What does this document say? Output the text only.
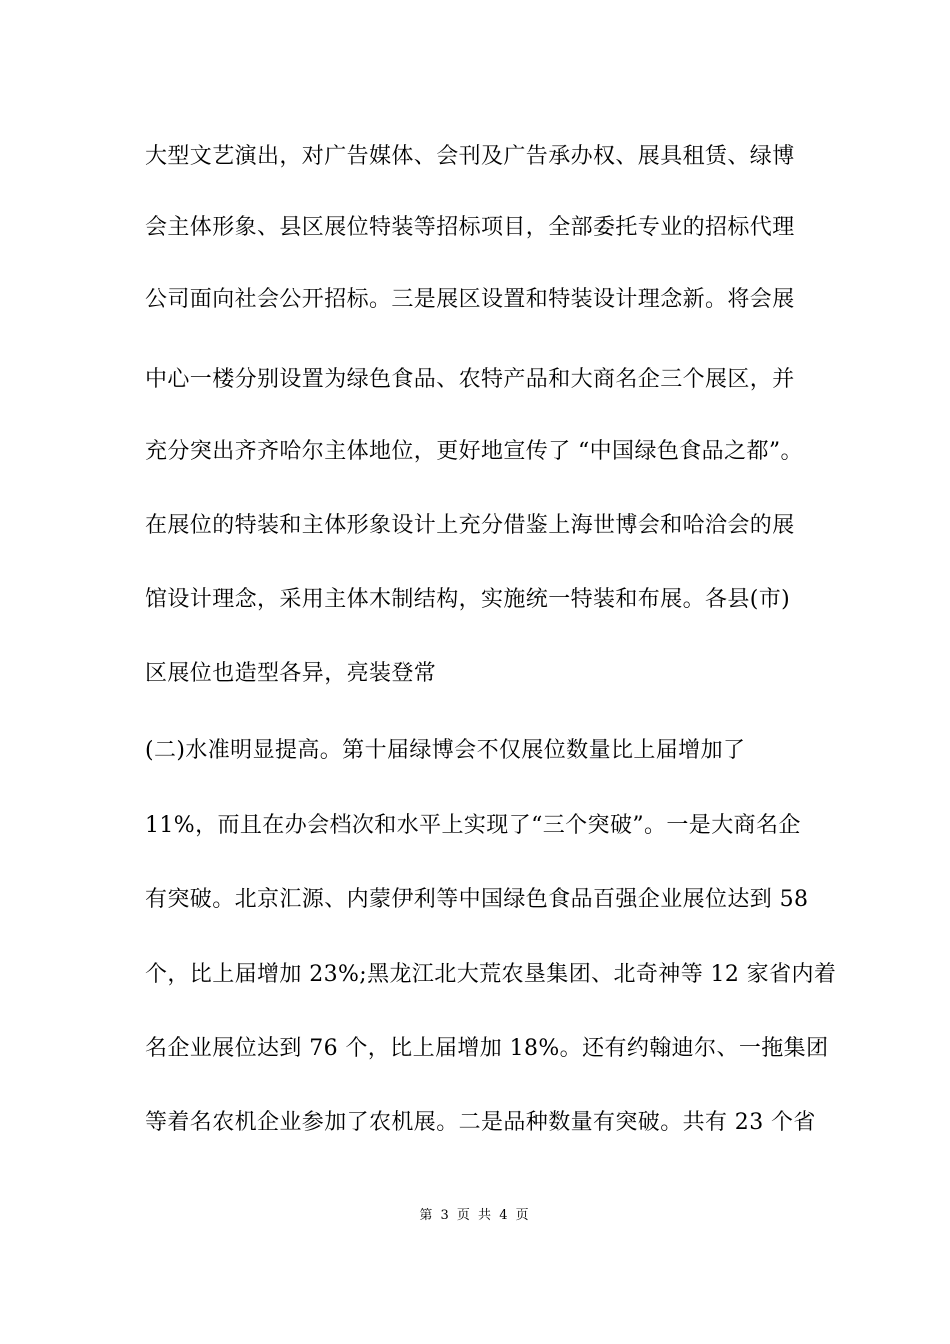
大型文艺演出，对广告媒体、会刊及广告承办权、展具租赁、绿博
会主体形象、县区展位特装等招标项目，全部委托专业的招标代理
公司面向社会公开招标。三是展区设置和特装设计理念新。将会展
中心一楼分别设置为绿色食品、农特产品和大商名企三个展区，并
充分突出齐齐哈尔主体地位，更好地宣传了 “中国绿色食品之都”。
在展位的特装和主体形象设计上充分借鉴上海世博会和哈洽会的展
馆设计理念，采用主体木制结构，实施统一特装和布展。各县(市)
区展位也造型各异，亮装登常
(二)水准明显提高。第十届绿博会不仅展位数量比上届增加了
11%，而且在办会档次和水平上实现了“三个突破”。一是大商名企
有突破。北京汇源、内蒙伊利等中国绿色食品百强企业展位达到 58
个，比上届增加 23%;黑龙江北大荒农垦集团、北奇神等 12 家省内着
名企业展位达到 76 个，比上届增加 18%。还有约翰迪尔、一拖集团
等着名农机企业参加了农机展。二是品种数量有突破。共有 23 个省
第 3 页 共 4 页
